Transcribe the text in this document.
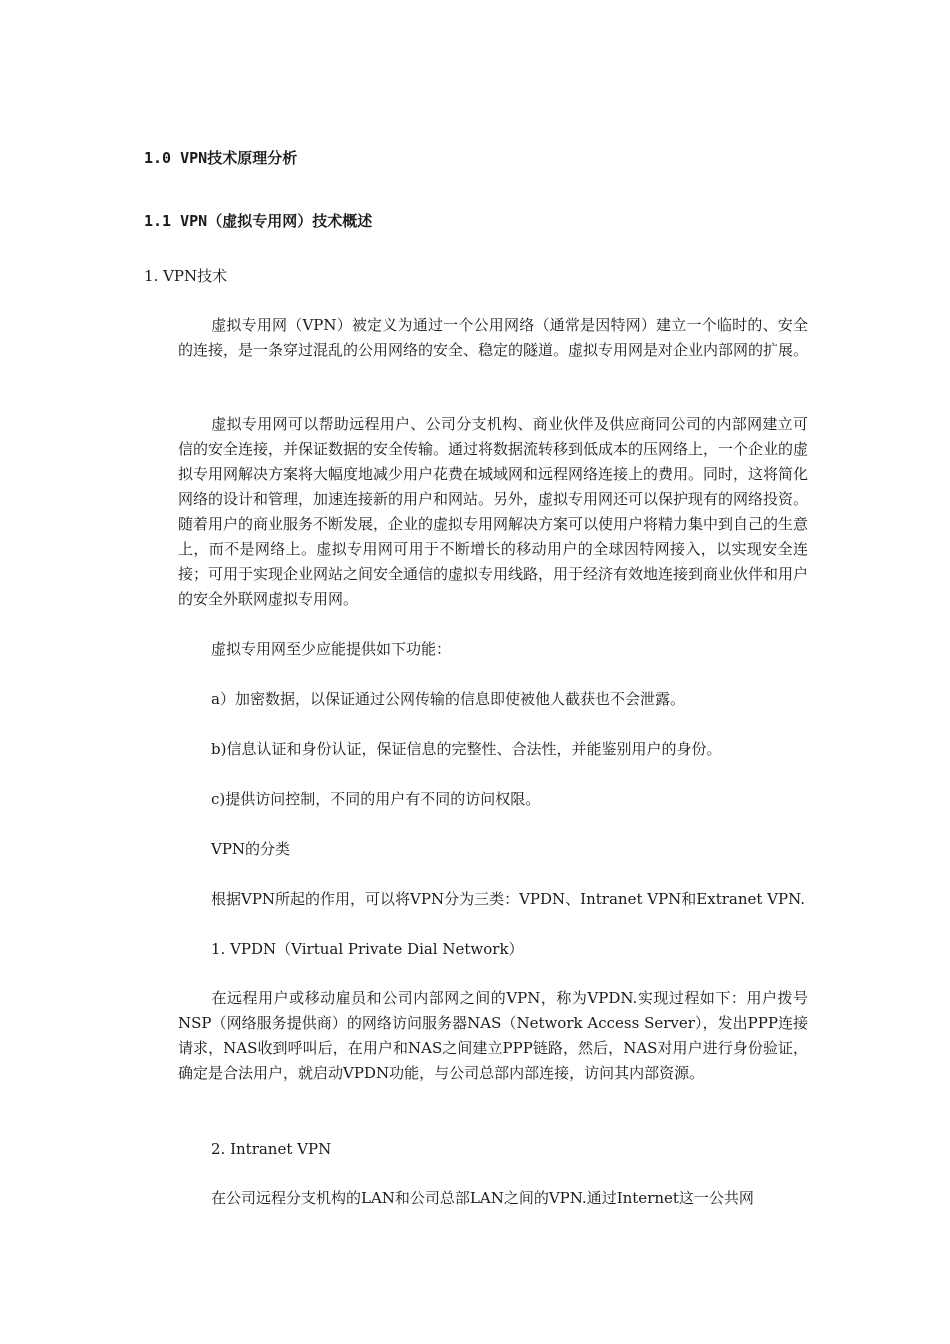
1.0 VPN技术原理分析
1.1 VPN（虚拟专用网）技术概述
1. VPN技术
虚拟专用网（VPN）被定义为通过一个公用网络（通常是因特网）建立一个临时的、安全的连接，是一条穿过混乱的公用网络的安全、稳定的隧道。虚拟专用网是对企业内部网的扩展。
虚拟专用网可以帮助远程用户、公司分支机构、商业伙伴及供应商同公司的内部网建立可信的安全连接，并保证数据的安全传输。通过将数据流转移到低成本的压网络上，一个企业的虚拟专用网解决方案将大幅度地减少用户花费在城域网和远程网络连接上的费用。同时，这将简化网络的设计和管理，加速连接新的用户和网站。另外，虚拟专用网还可以保护现有的网络投资。随着用户的商业服务不断发展，企业的虚拟专用网解决方案可以使用户将精力集中到自己的生意上，而不是网络上。虚拟专用网可用于不断增长的移动用户的全球因特网接入，以实现安全连接；可用于实现企业网站之间安全通信的虚拟专用线路，用于经济有效地连接到商业伙伴和用户的安全外联网虚拟专用网。
虚拟专用网至少应能提供如下功能：
a）加密数据，以保证通过公网传输的信息即使被他人截获也不会泄露。
b)信息认证和身份认证，保证信息的完整性、合法性，并能鉴别用户的身份。
c)提供访问控制，不同的用户有不同的访问权限。
VPN的分类
根据VPN所起的作用，可以将VPN分为三类：VPDN、Intranet VPN和Extranet VPN.
1. VPDN（Virtual Private Dial Network）
在远程用户或移动雇员和公司内部网之间的VPN，称为VPDN.实现过程如下：用户拨号NSP（网络服务提供商）的网络访问服务器NAS（Network Access Server），发出PPP连接请求，NAS收到呼叫后，在用户和NAS之间建立PPP链路，然后，NAS对用户进行身份验证，确定是合法用户，就启动VPDN功能，与公司总部内部连接，访问其内部资源。
2. Intranet VPN
在公司远程分支机构的LAN和公司总部LAN之间的VPN.通过Internet这一公共网
